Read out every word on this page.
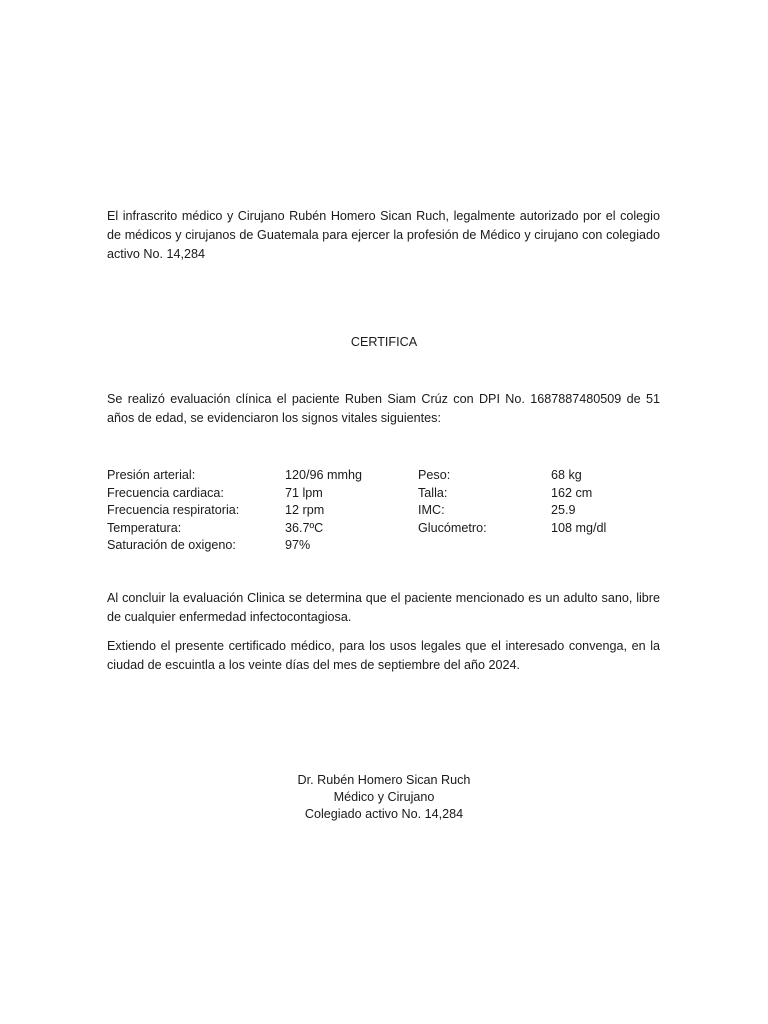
El infrascrito médico y Cirujano Rubén Homero Sican Ruch, legalmente autorizado por el colegio de médicos y cirujanos de Guatemala para ejercer la profesión de Médico y cirujano con colegiado activo No. 14,284
CERTIFICA
Se realizó evaluación clínica el paciente Ruben Siam Crúz con DPI No. 1687887480509 de 51 años de edad, se evidenciaron los signos vitales siguientes:
Presión arterial:	120/96 mmhg	Peso:	68 kg
Frecuencia cardiaca:	71 lpm	Talla:	162 cm
Frecuencia respiratoria:	12 rpm	IMC:	25.9
Temperatura:	36.7ºC	Glucómetro:	108 mg/dl
Saturación de oxigeno:	97%
Al concluir la evaluación Clinica se determina que el paciente mencionado es un adulto sano, libre de cualquier enfermedad infectocontagiosa.
Extiendo el presente certificado médico, para los usos legales que el interesado convenga, en la ciudad de escuintla a los veinte días del mes de septiembre del año 2024.
Dr. Rubén Homero Sican Ruch
Médico y Cirujano
Colegiado activo No. 14,284
